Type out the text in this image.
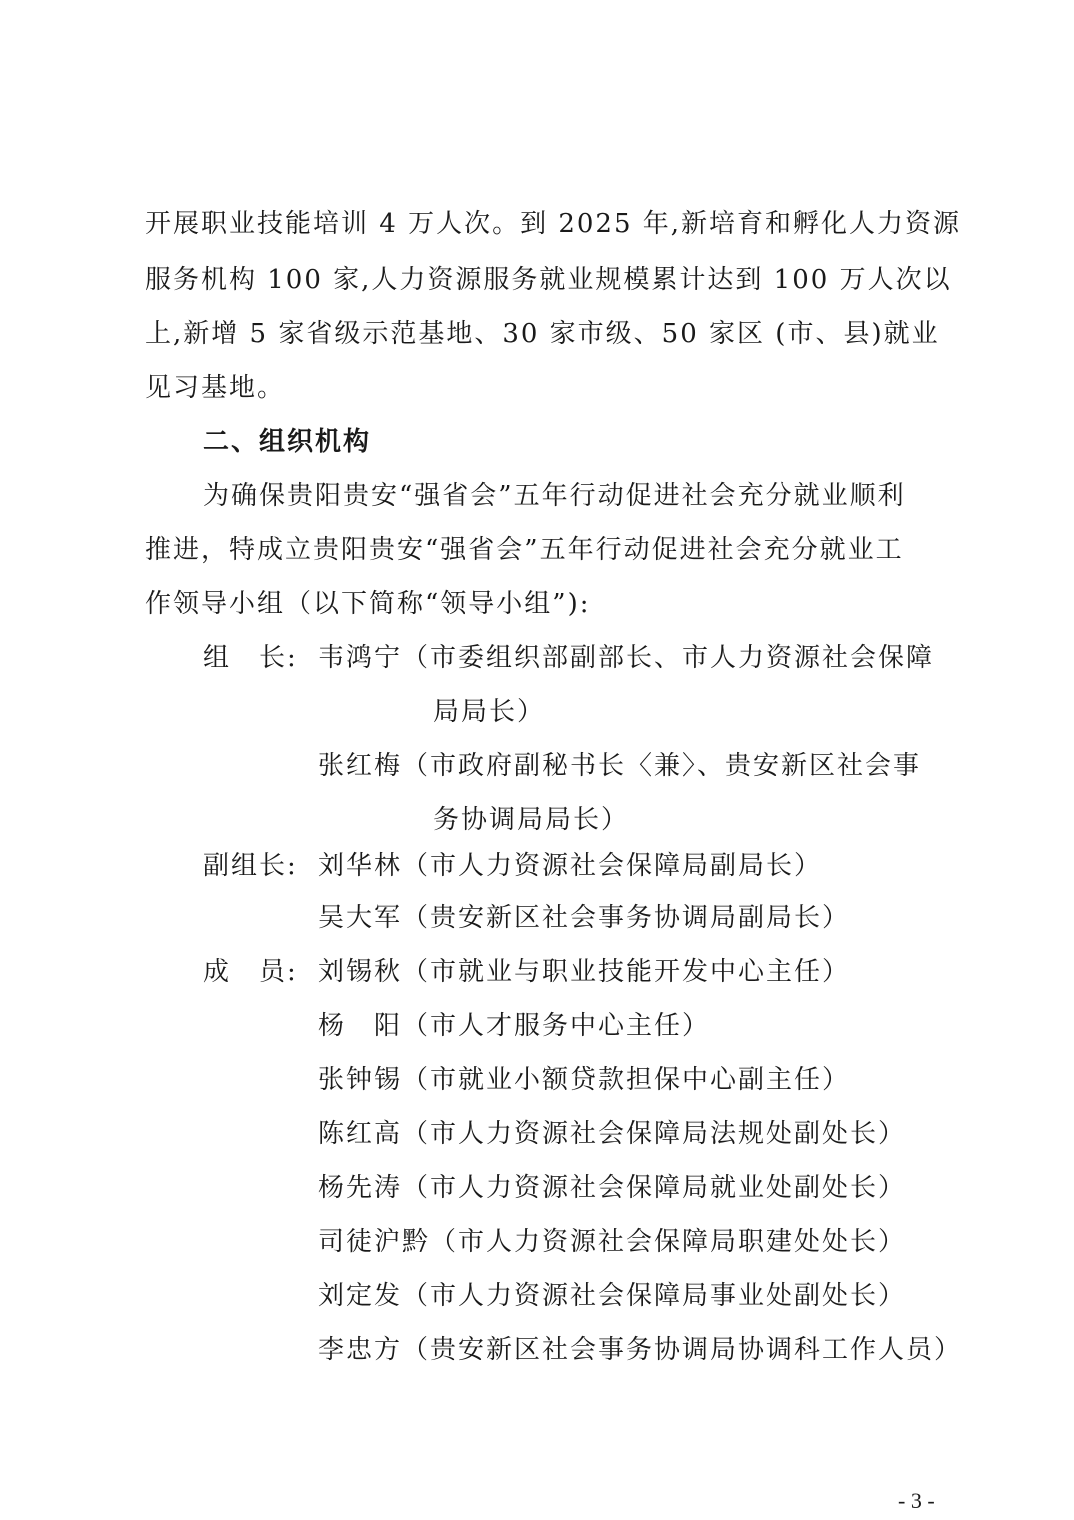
开展职业技能培训 4 万人次。到 2025 年,新培育和孵化人力资源
服务机构 100 家,人力资源服务就业规模累计达到 100 万人次以
上,新增 5 家省级示范基地、30 家市级、50 家区 (市、县)就业
见习基地。
二、组织机构
为确保贵阳贵安“强省会”五年行动促进社会充分就业顺利
推进，特成立贵阳贵安“强省会”五年行动促进社会充分就业工
作领导小组（以下简称“领导小组”):
组　长: 韦鸿宁（市委组织部副部长、市人力资源社会保障
局局长）
张红梅（市政府副秘书长〈兼〉、贵安新区社会事
务协调局局长）
副组长: 刘华林（市人力资源社会保障局副局长）
吴大军（贵安新区社会事务协调局副局长）
成　员: 刘锡秋（市就业与职业技能开发中心主任）
杨　阳（市人才服务中心主任）
张钟锡（市就业小额贷款担保中心副主任）
陈红高（市人力资源社会保障局法规处副处长）
杨先涛（市人力资源社会保障局就业处副处长）
司徒沪黔（市人力资源社会保障局职建处处长）
刘定发（市人力资源社会保障局事业处副处长）
李忠方（贵安新区社会事务协调局协调科工作人员）
- 3 -
